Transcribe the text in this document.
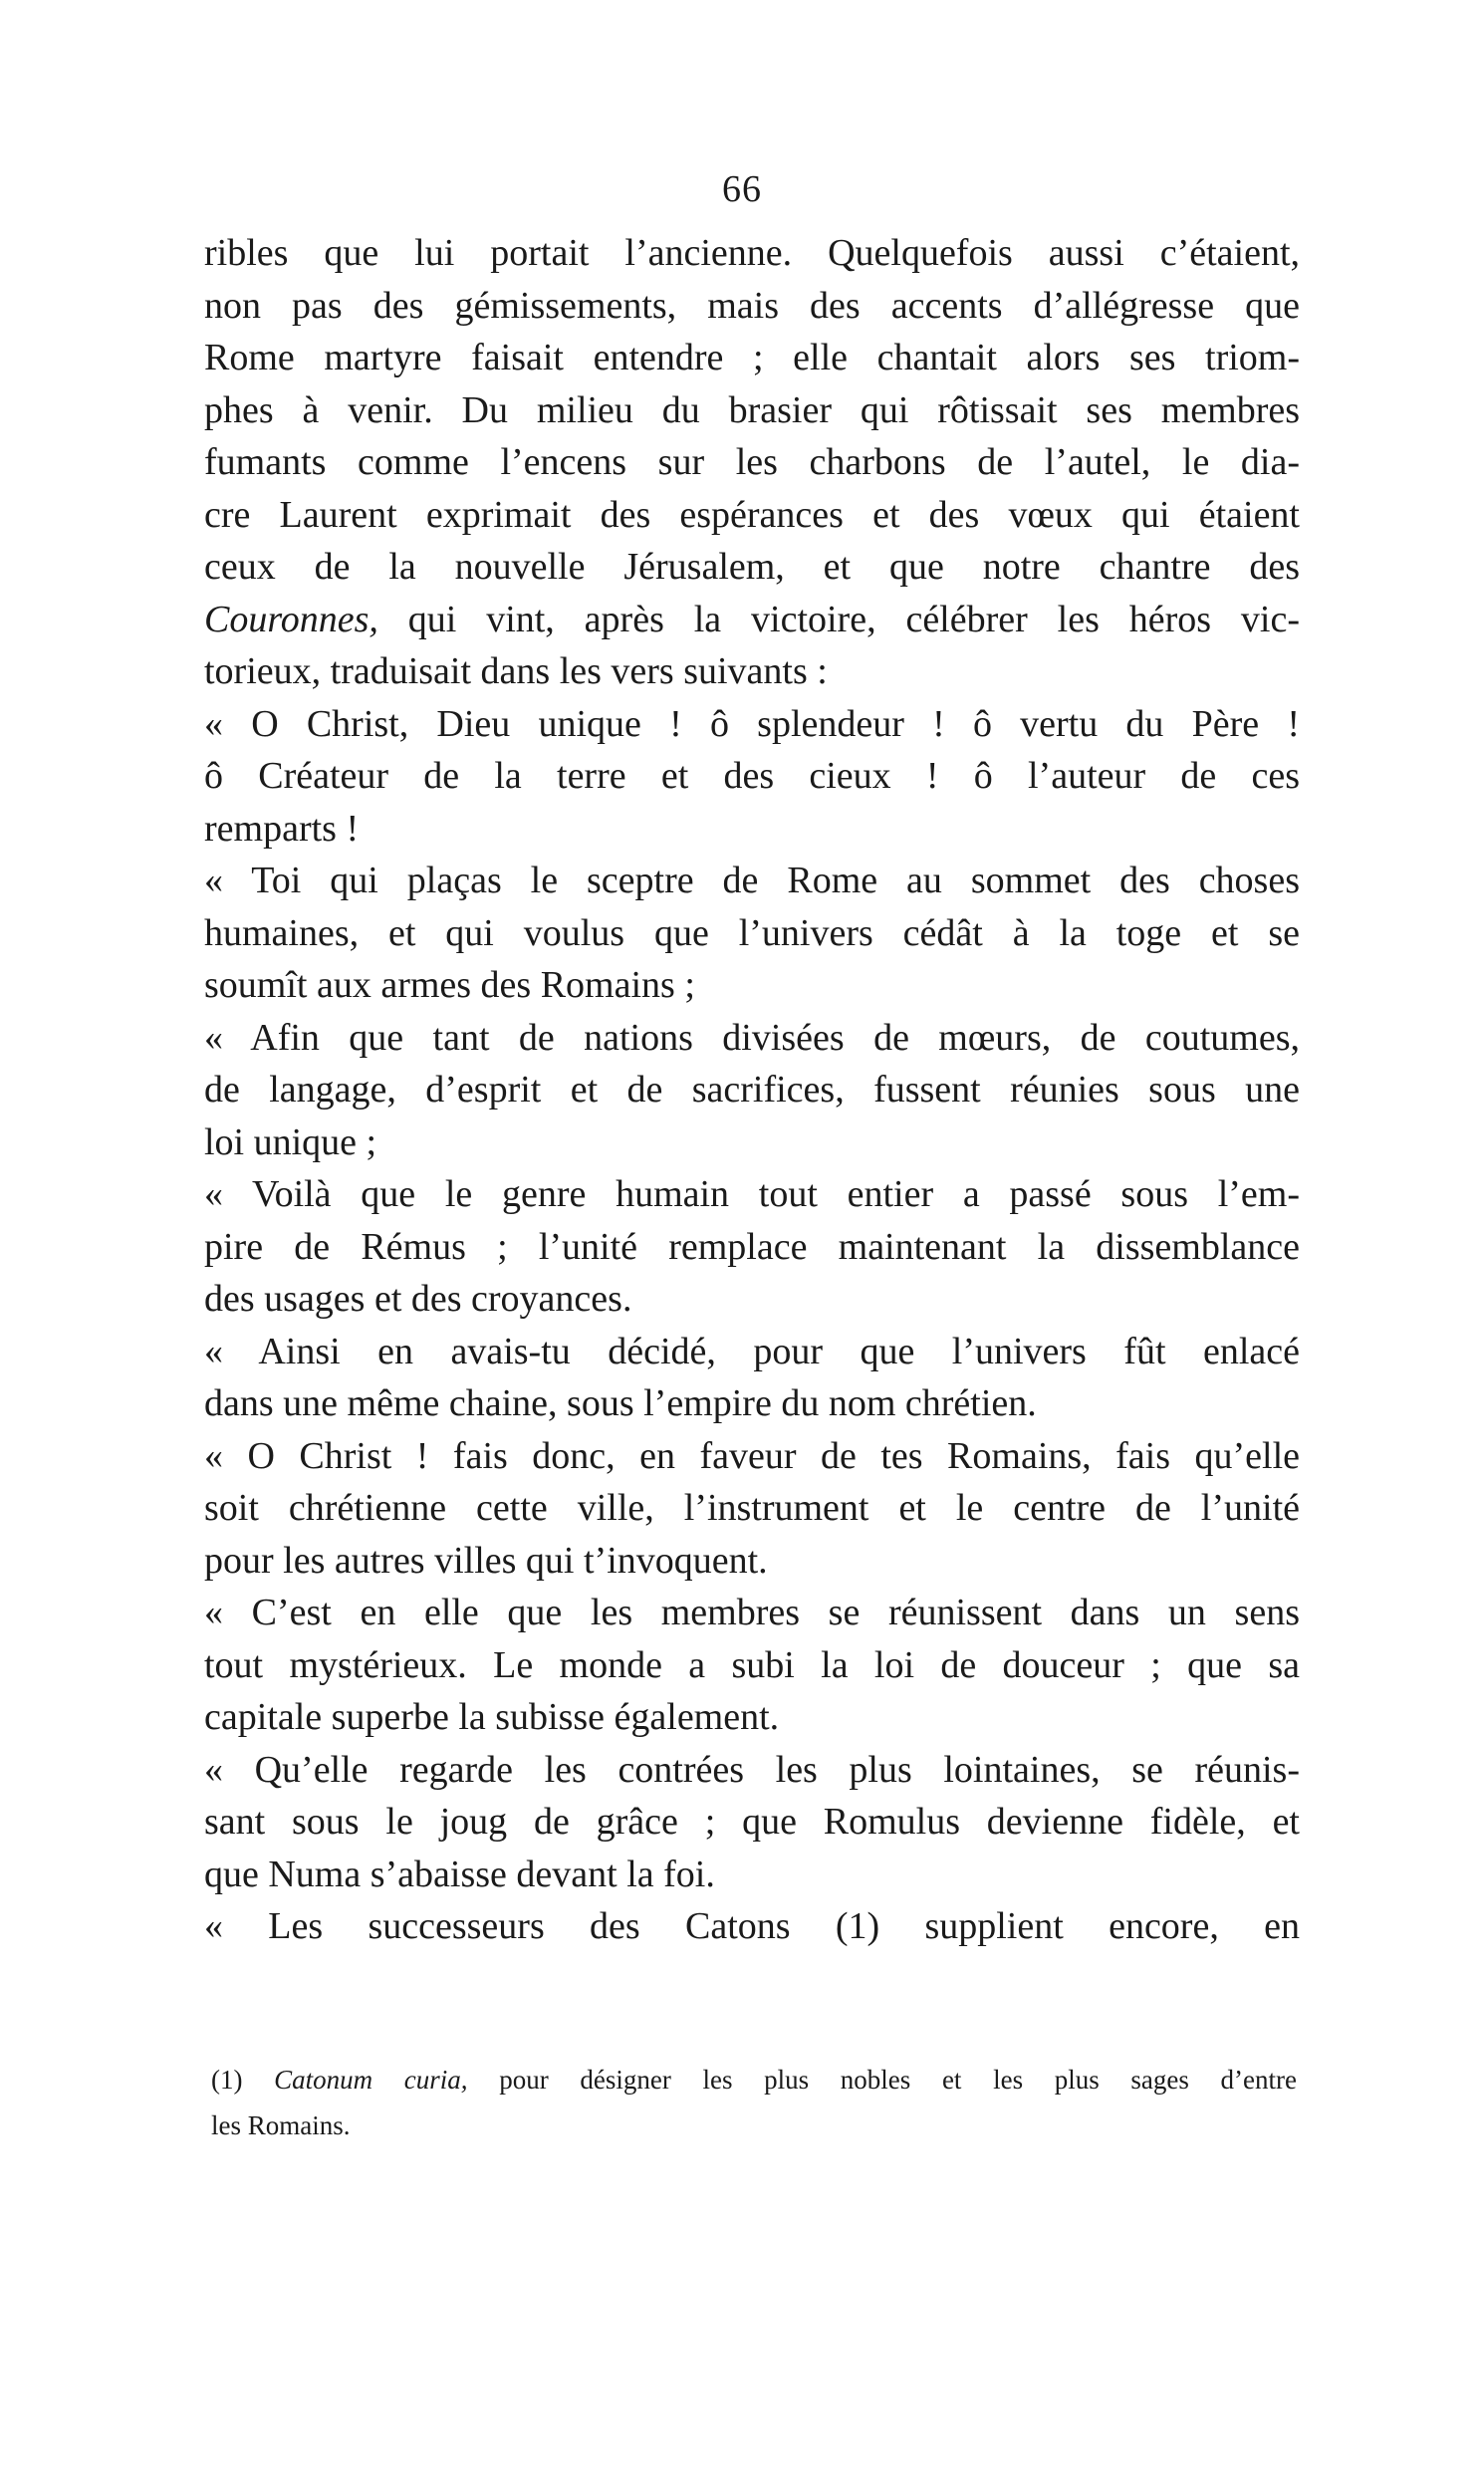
66
ribles que lui portait l’ancienne. Quelquefois aussi c’étaient,
non pas des gémissements, mais des accents d’allégresse que
Rome martyre faisait entendre ; elle chantait alors ses triom-
phes à venir. Du milieu du brasier qui rôtissait ses membres
fumants comme l’encens sur les charbons de l’autel, le dia-
cre Laurent exprimait des espérances et des vœux qui étaient
ceux de la nouvelle Jérusalem, et que notre chantre des
Couronnes, qui vint, après la victoire, célébrer les héros vic-
torieux, traduisait dans les vers suivants :
« O Christ, Dieu unique ! ô splendeur ! ô vertu du Père !
ô Créateur de la terre et des cieux ! ô l’auteur de ces
remparts !
« Toi qui plaças le sceptre de Rome au sommet des choses
humaines, et qui voulus que l’univers cédât à la toge et se
soumît aux armes des Romains ;
« Afin que tant de nations divisées de mœurs, de coutumes,
de langage, d’esprit et de sacrifices, fussent réunies sous une
loi unique ;
« Voilà que le genre humain tout entier a passé sous l’em-
pire de Rémus ; l’unité remplace maintenant la dissemblance
des usages et des croyances.
« Ainsi en avais-tu décidé, pour que l’univers fût enlacé
dans une même chaine, sous l’empire du nom chrétien.
« O Christ ! fais donc, en faveur de tes Romains, fais qu’elle
soit chrétienne cette ville, l’instrument et le centre de l’unité
pour les autres villes qui t’invoquent.
« C’est en elle que les membres se réunissent dans un sens
tout mystérieux. Le monde a subi la loi de douceur ; que sa
capitale superbe la subisse également.
« Qu’elle regarde les contrées les plus lointaines, se réunis-
sant sous le joug de grâce ; que Romulus devienne fidèle, et
que Numa s’abaisse devant la foi.
« Les successeurs des Catons (1) supplient encore, en
(1) Catonum curia, pour désigner les plus nobles et les plus sages d’entre
les Romains.
